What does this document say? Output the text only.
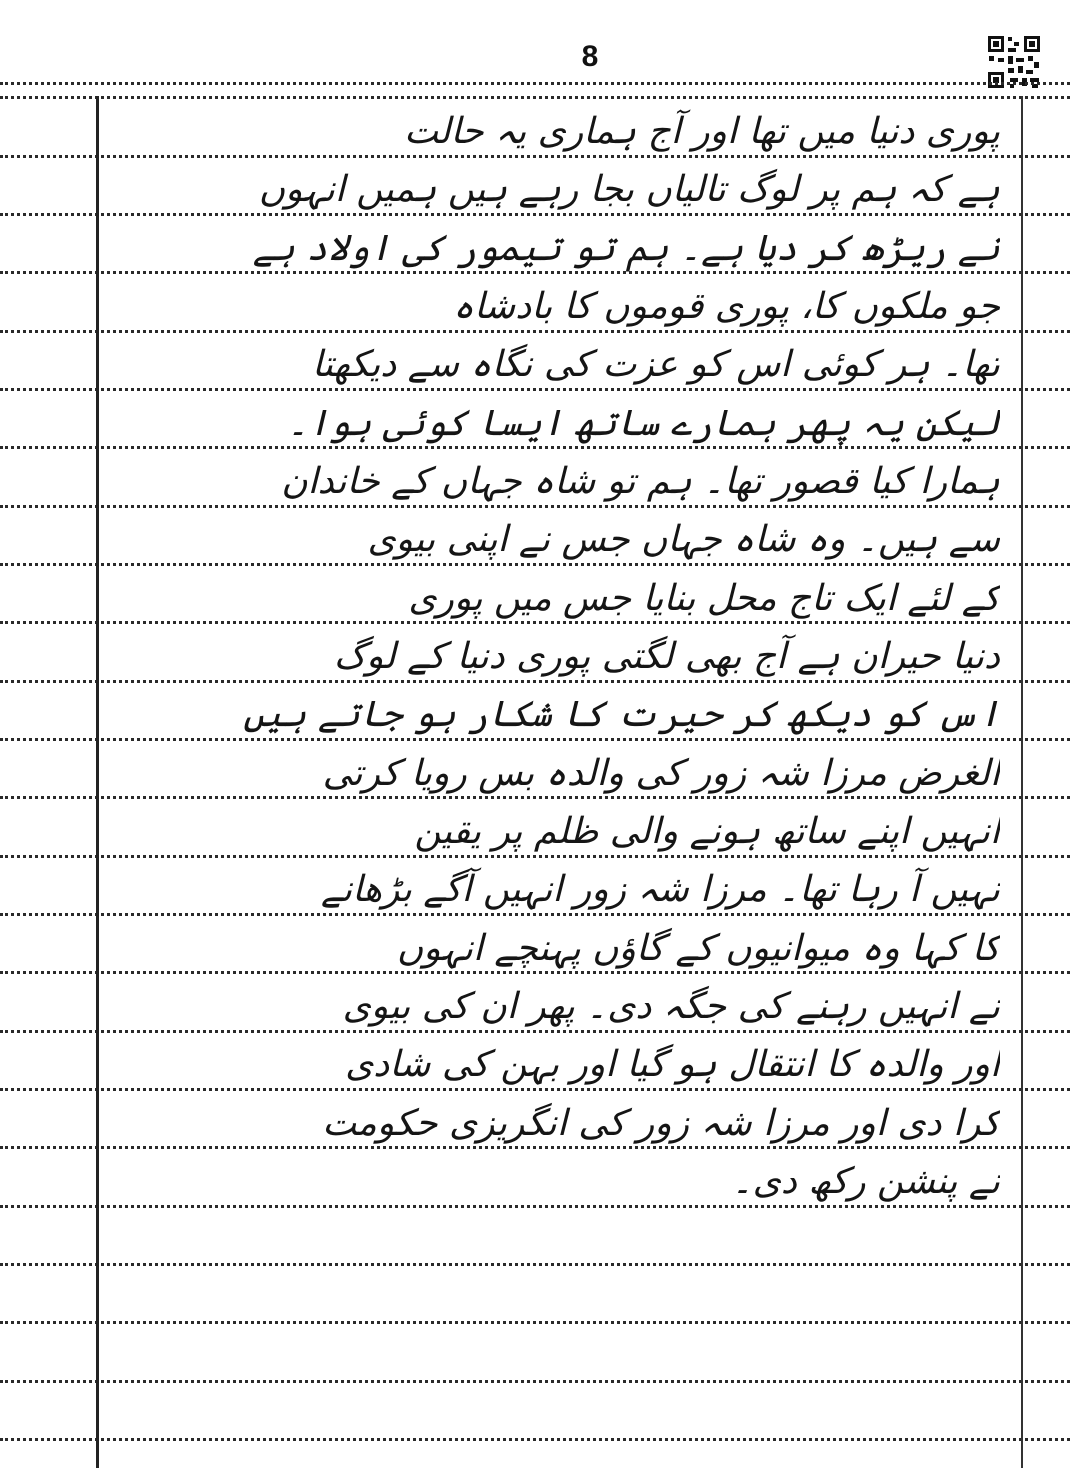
8
پوری دنیا میں تھا اور آج ہماری یہ حالت
ہے کہ ہم پر لوگ تالیاں بجا رہے ہیں ہمیں انہوں
نے ریڑھ کر دیا ہے۔ ہم تو تیمور کی اولاد ہے
جو ملکوں کا، پوری قوموں کا بادشاہ
تھا۔ ہر کوئی اس کو عزت کی نگاہ سے دیکھتا
لیکن یہ پھر ہمارے ساتھ ایسا کوئی ہوا۔
ہمارا کیا قصور تھا۔ ہم تو شاہ جہاں کے خاندان
سے ہیں۔ وہ شاہ جہاں جس نے اپنی بیوی
کے لئے ایک تاج محل بنایا جس میں پوری
دنیا حیران ہے آج بھی لگتی پوری دنیا کے لوگ
اس کو دیکھ کر حیرت کا شکار ہو جاتے ہیں
الغرض مرزا شہ زور کی والدہ بس رویا کرتی
انہیں اپنے ساتھ ہونے والی ظلم پر یقین
نہیں آ رہا تھا۔ مرزا شہ زور انہیں آگے بڑھانے
کا کہا وہ میوانیوں کے گاؤں پہنچے انہوں
نے انہیں رہنے کی جگہ دی۔ پھر ان کی بیوی
اور والدہ کا انتقال ہو گیا اور بہن کی شادی
کرا دی اور مرزا شہ زور کی انگریزی حکومت
نے پنشن رکھ دی۔
